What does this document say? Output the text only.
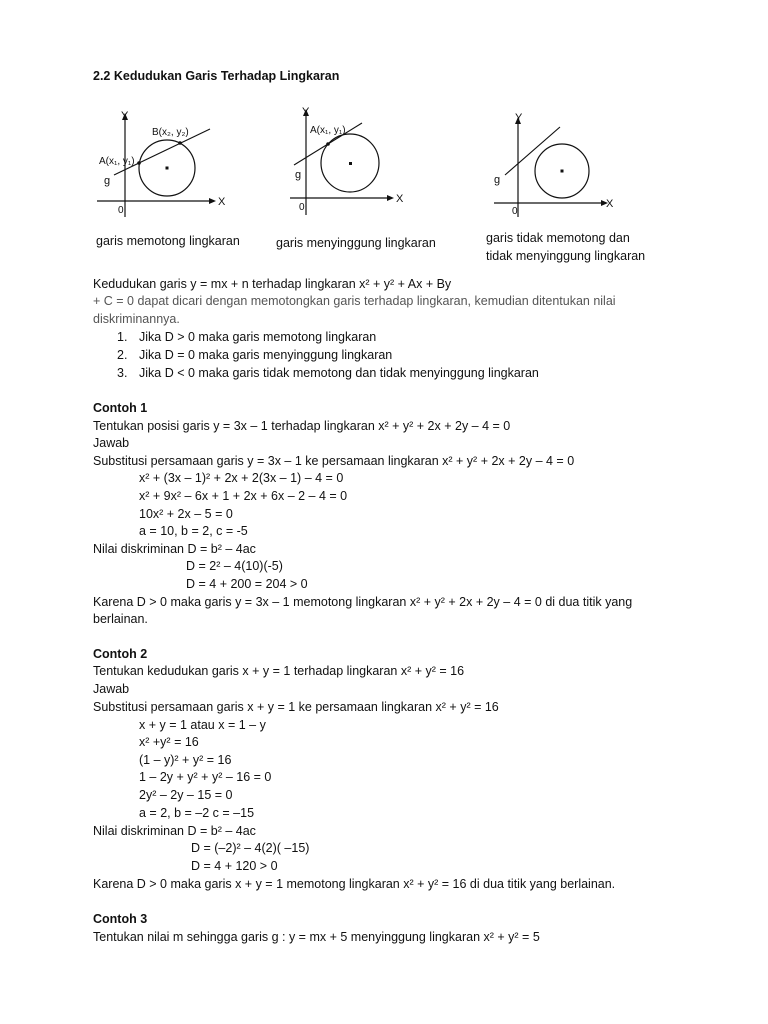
2.2 Kedudukan Garis Terhadap Lingkaran
Y
X
0
g
A(x₁, y₁)
B(x₂, y₂)
garis memotong lingkaran
Y
X
0
g
A(x₁, y₁)
garis menyinggung lingkaran
Y
X
0
g
garis tidak memotong dan
tidak menyinggung lingkaran
Kedudukan garis y = mx + n terhadap lingkaran x² + y² + Ax + By
+ C = 0 dapat dicari dengan memotongkan garis terhadap lingkaran, kemudian ditentukan nilai
diskriminannya.
1. Jika D > 0 maka garis memotong lingkaran
2. Jika D = 0 maka garis menyinggung lingkaran
3. Jika D < 0 maka garis tidak memotong dan tidak menyinggung lingkaran
Contoh 1
Tentukan posisi garis y = 3x – 1 terhadap lingkaran x² + y² + 2x + 2y – 4 = 0
Jawab
Substitusi persamaan garis y = 3x – 1 ke persamaan lingkaran x² + y² + 2x + 2y – 4 = 0
x² + (3x – 1)² + 2x + 2(3x – 1) – 4 = 0
x² + 9x² – 6x + 1 + 2x + 6x – 2 – 4 = 0
10x² + 2x – 5 = 0
a = 10, b = 2, c = -5
Nilai diskriminan D = b² – 4ac
D = 2² – 4(10)(-5)
D = 4 + 200 = 204 > 0
Karena D > 0 maka garis y = 3x – 1 memotong lingkaran x² + y² + 2x + 2y – 4 = 0 di dua titik yang
berlainan.
Contoh 2
Tentukan kedudukan garis x + y = 1 terhadap lingkaran x² + y² = 16
Jawab
Substitusi persamaan garis x + y = 1 ke persamaan lingkaran x² + y² = 16
x + y = 1 atau x = 1 – y
x² +y² = 16
(1 – y)² + y² = 16
1 – 2y + y² + y² – 16 = 0
2y² – 2y – 15 = 0
a = 2, b = –2 c = –15
Nilai diskriminan D = b² – 4ac
D = (–2)² – 4(2)( –15)
D = 4 + 120 > 0
Karena D > 0 maka garis x + y = 1 memotong lingkaran x² + y² = 16 di dua titik yang berlainan.
Contoh 3
Tentukan nilai m sehingga garis g : y = mx + 5 menyinggung lingkaran x² + y² = 5
